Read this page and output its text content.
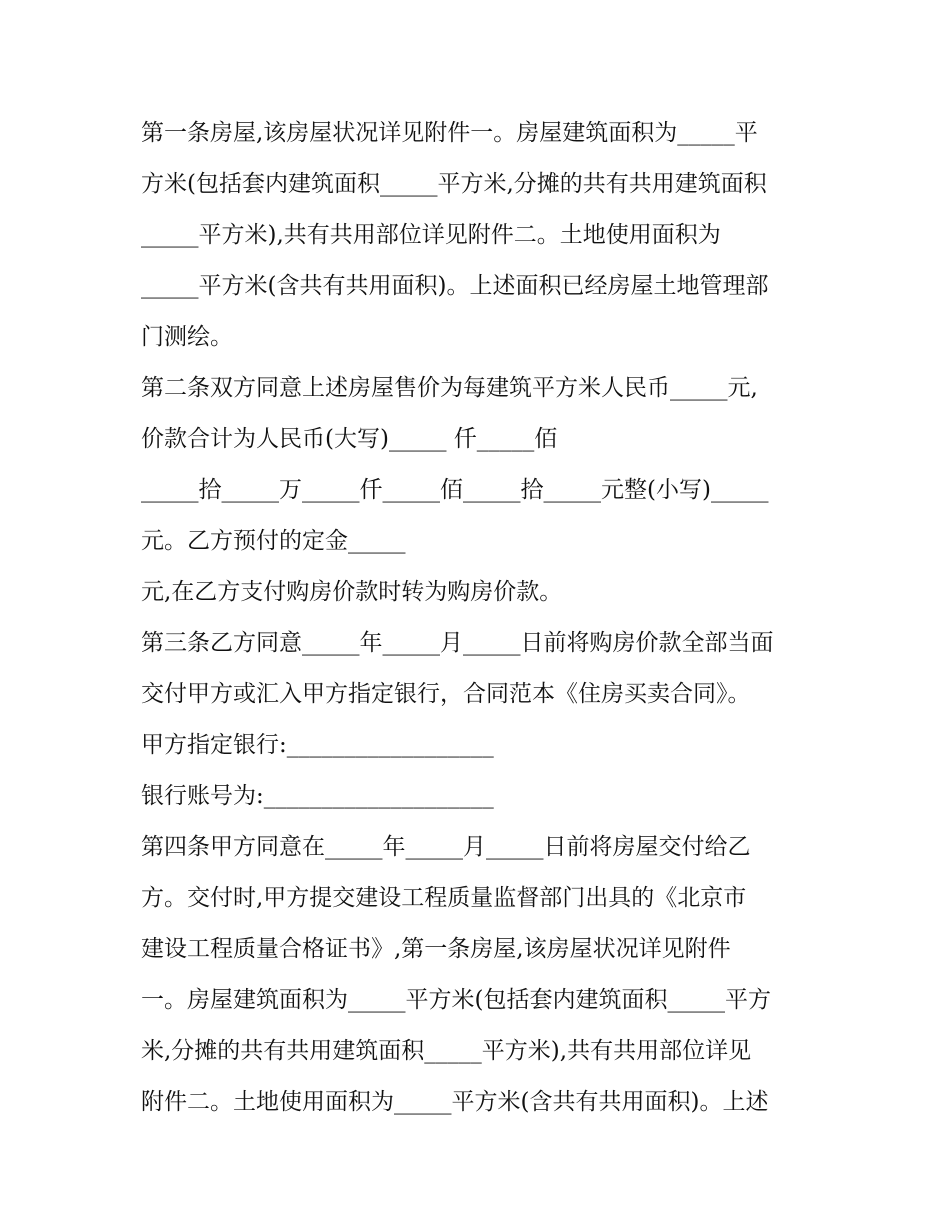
第一条房屋,该房屋状况详见附件一。房屋建筑面积为_____平
方米(包括套内建筑面积_____平方米,分摊的共有共用建筑面积
_____平方米),共有共用部位详见附件二。土地使用面积为
_____平方米(含共有共用面积)。上述面积已经房屋土地管理部
门测绘。
第二条双方同意上述房屋售价为每建筑平方米人民币_____元,
价款合计为人民币(大写)_____ 仟_____佰
_____拾_____万_____仟_____佰_____拾_____元整(小写)_____
元。乙方预付的定金_____
元,在乙方支付购房价款时转为购房价款。
第三条乙方同意_____年_____月_____日前将购房价款全部当面
交付甲方或汇入甲方指定银行，合同范本《住房买卖合同》。
甲方指定银行:__________________
银行账号为:____________________
第四条甲方同意在_____年_____月_____日前将房屋交付给乙
方。交付时,甲方提交建设工程质量监督部门出具的《北京市
建设工程质量合格证书》,第一条房屋,该房屋状况详见附件
一。房屋建筑面积为_____平方米(包括套内建筑面积_____平方
米,分摊的共有共用建筑面积_____平方米),共有共用部位详见
附件二。土地使用面积为_____平方米(含共有共用面积)。上述
